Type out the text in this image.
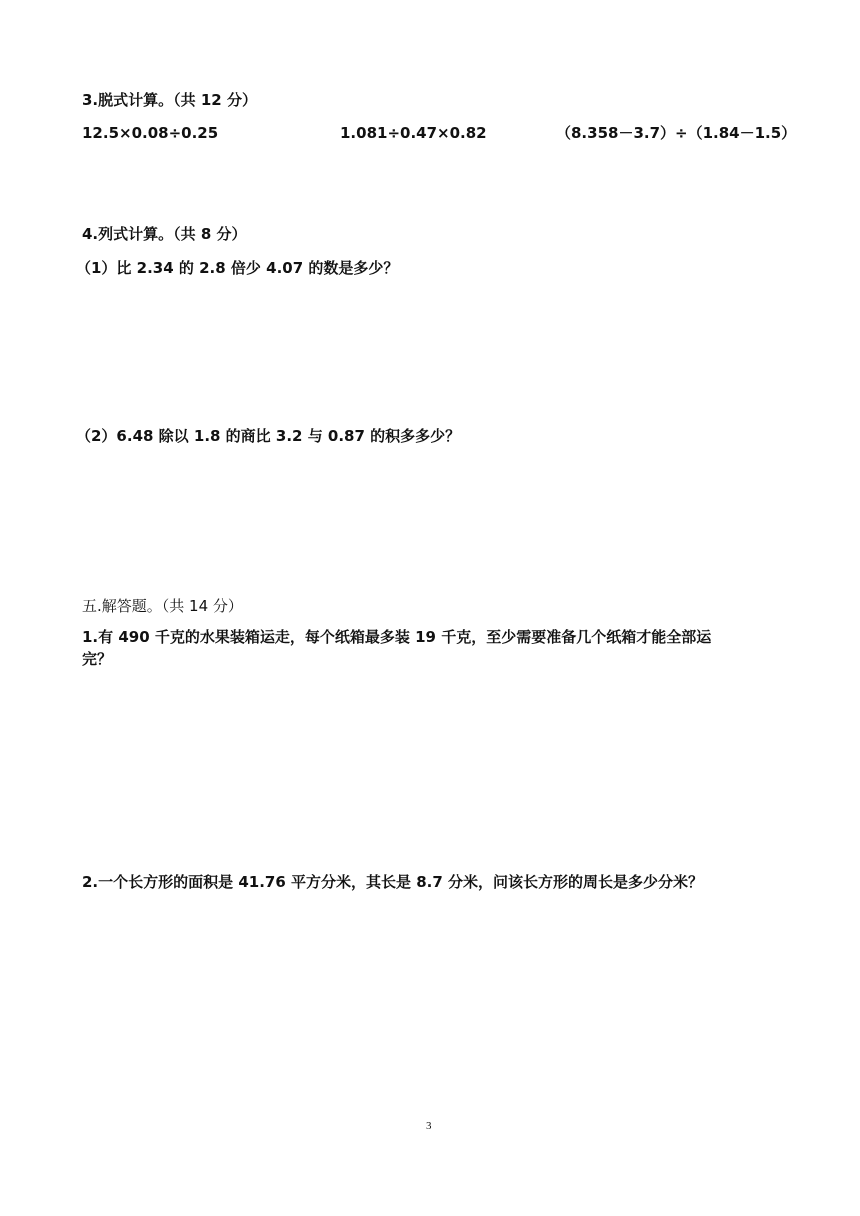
3.脱式计算。（共 12 分）
12.5×0.08÷0.25	1.081÷0.47×0.82	（8.358－3.7）÷（1.84－1.5）
4.列式计算。（共 8 分）
（1）比 2.34 的 2.8 倍少 4.07 的数是多少？
（2）6.48 除以 1.8 的商比 3.2 与 0.87 的积多多少？
五.解答题。（共 14 分）
1.有 490 千克的水果装箱运走，每个纸箱最多装 19 千克，至少需要准备几个纸箱才能全部运
完？
2.一个长方形的面积是 41.76 平方分米，其长是 8.7 分米，问该长方形的周长是多少分米？
3
